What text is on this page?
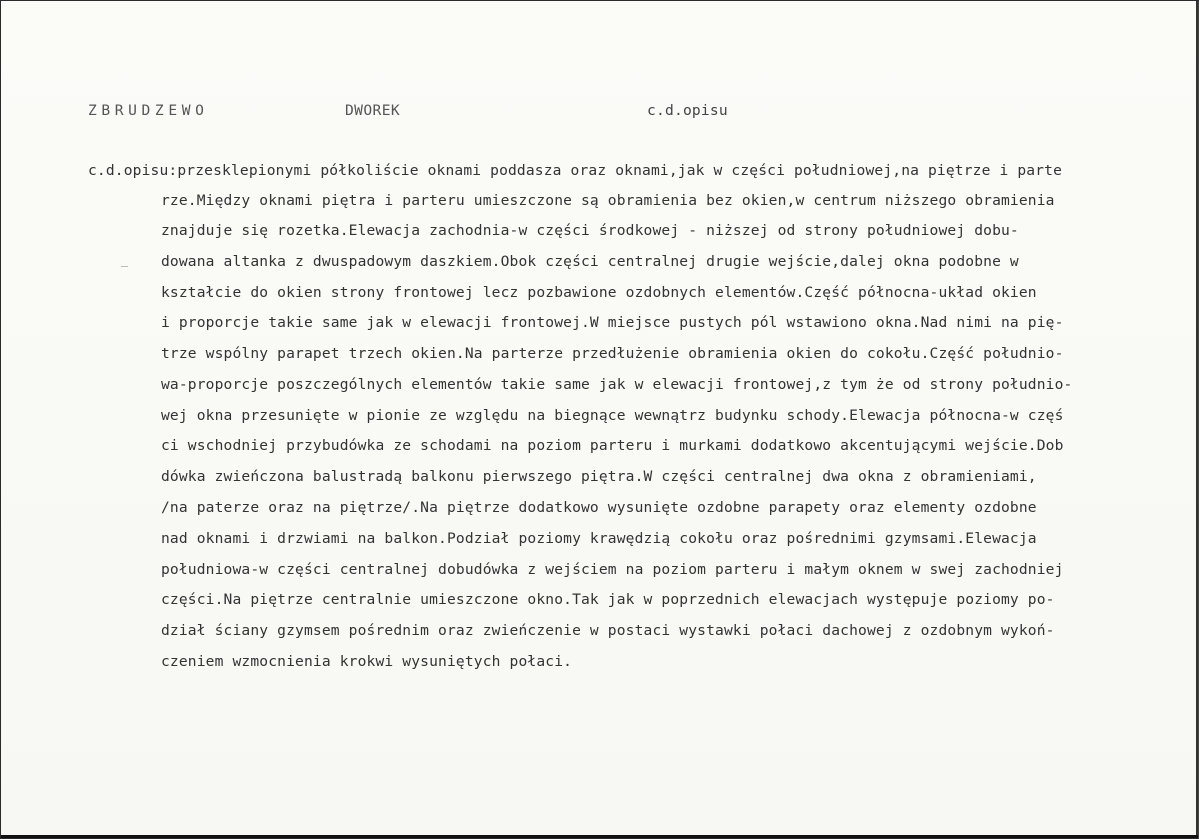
ZBRUDZEWO	DWOREK	c.d.opisu
c.d.opisu:przesklepionymi półkoliście oknami poddasza oraz oknami,jak w części południowej,na piętrze i parte
rze.Między oknami piętra i parteru umieszczone są obramienia bez okien,w centrum niższego obramienia
znajduje się rozetka.Elewacja zachodnia-w części środkowej - niższej od strony południowej dobu-
dowana altanka z dwuspadowym daszkiem.Obok części centralnej drugie wejście,dalej okna podobne w
kształcie do okien strony frontowej lecz pozbawione ozdobnych elementów.Część północna-układ okien
i proporcje takie same jak w elewacji frontowej.W miejsce pustych pól wstawiono okna.Nad nimi na pię-
trze wspólny parapet trzech okien.Na parterze przedłużenie obramienia okien do cokołu.Część południo-
wa-proporcje poszczególnych elementów takie same jak w elewacji frontowej,z tym że od strony południo-
wej okna przesunięte w pionie ze względu na biegnące wewnątrz budynku schody.Elewacja północna-w częś
ci wschodniej przybudówka ze schodami na poziom parteru i murkami dodatkowo akcentującymi wejście.Dob
dówka zwieńczona balustradą balkonu pierwszego piętra.W części centralnej dwa okna z obramieniami,
/na paterze oraz na piętrze/.Na piętrze dodatkowo wysunięte ozdobne parapety oraz elementy ozdobne
nad oknami i drzwiami na balkon.Podział poziomy krawędzią cokołu oraz pośrednimi gzymsami.Elewacja
południowa-w części centralnej dobudówka z wejściem na poziom parteru i małym oknem w swej zachodniej
części.Na piętrze centralnie umieszczone okno.Tak jak w poprzednich elewacjach występuje poziomy po-
dział ściany gzymsem pośrednim oraz zwieńczenie w postaci wystawki połaci dachowej z ozdobnym wykoń-
czeniem wzmocnienia krokwi wysuniętych połaci.
